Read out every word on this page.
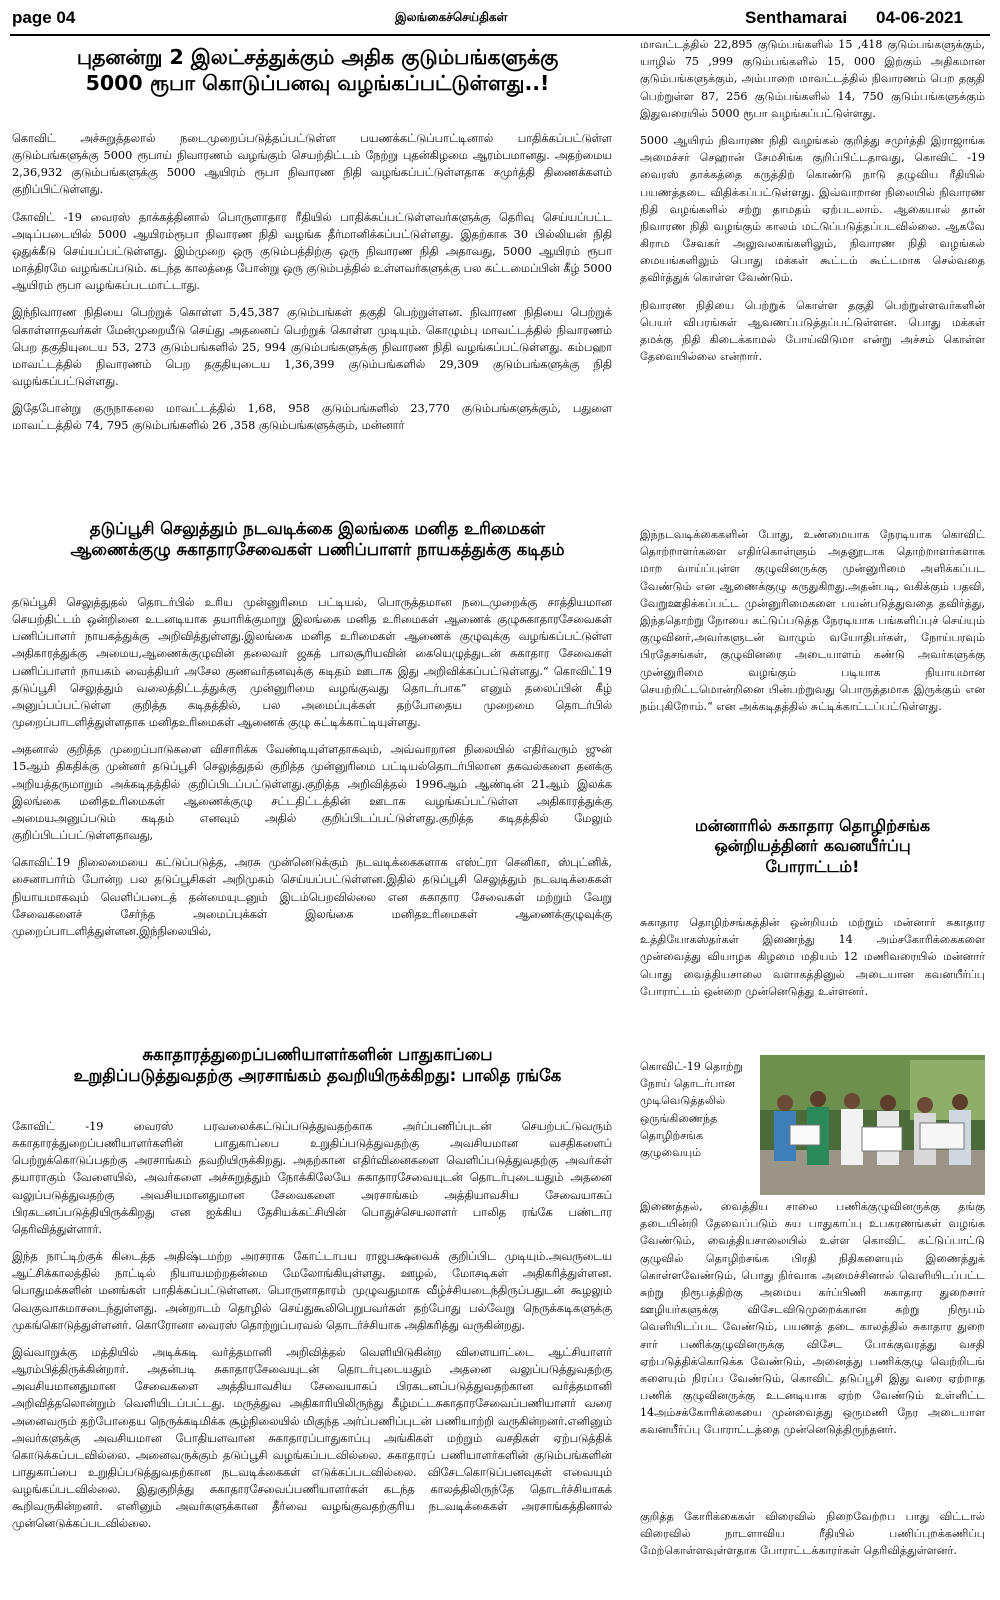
page 04	இலங்கைச்செய்திகள்	Senthamarai	04-06-2021
புதனன்று 2 இலட்சத்துக்கும் அதிக குடும்பங்களுக்கு
5000 ரூபா கொடுப்பனவு வழங்கப்பட்டுள்ளது..!

கொவிட் அச்சுறுத்தலால் நடைமுறைப்படுத்தப்பட்டுள்ள பயணக்கட்டுப்பாட்டினால் பாதிக்கப்பட்டுள்ள குடும்பங்களுக்கு 5000 ரூபாய் நிவாரணம் வழங்கும் செயற்திட்டம் நேற்று புதன்கிழமை ஆரம்பமானது. அதற்மைய 2,36,932 குடும்பங்களுக்கு 5000 ஆயிரம் ரூபா நிவாரண நிதி வழங்கப்பட்டுள்ளதாக சமுர்த்தி திணைக்களம் குறிப்பிட்டுள்ளது.

கோவிட் -19 வைரஸ் தாக்கத்தினால் பொருளாதார ரீதியில் பாதிக்கப்பட்டுள்ளவர்களுக்கு தெரிவு செய்யப்பட்ட அடிப்படையில் 5000 ஆயிரம்ரூபா நிவாரண நிதி வழங்க தீர்மானிக்கப்பட்டுள்ளது. இதற்காக 30 பில்லியன் நிதி ஒதுக்கீடு செய்யப்பட்டுள்ளது. இம்முறை ஒரு குடும்பத்திற்கு ஒரு நிவாரண நிதி அதாவது, 5000 ஆயிரம் ரூபா மாத்திரமே வழங்கப்படும். கடந்த காலத்தை போன்று ஒரு குடும்பத்தில் உள்ளவர்களுக்கு பல கட்டமைப்பின் கீழ் 5000 ஆயிரம் ரூபா வழங்கப்படமாட்டாது.

இந்நிவாரண நிதியை பெற்றுக் கொள்ள 5,45,387 குடும்பங்கள் தகுதி பெற்றுள்ளன. நிவாரண நிதியை பெற்றுக் கொள்ளாதவர்கள் மேன்முறையீடு செய்து அதனைப் பெற்றுக் கொள்ள முடியும். கொழும்பு மாவட்டத்தில் நிவாரணம் பெற தகுதியுடைய 53, 273 குடும்பங்களில் 25, 994 குடும்பங்களுக்கு நிவாரண நிதி வழங்கப்பட்டுள்ளது. கம்பஹா மாவட்டத்தில் நிவாரணம் பெற தகுதியுடைய 1,36,399 குடும்பங்களில் 29,309 குடும்பங்களுக்கு நிதி வழங்கப்பட்டுள்ளது.

இதேபோன்று குருநாகலை மாவட்டத்தில் 1,68, 958 குடும்பங்களில் 23,770 குடும்பங்களுக்கும், பதுளை மாவட்டத்தில் 74, 795 குடும்பங்களில் 26 ,358 குடும்பங்களுக்கும், மன்னார்

மாவட்டத்தில் 22,895 குடும்பங்களில் 15 ,418 குடும்பங்களுக்கும், யாழில் 75 ,999 குடும்பங்களில் 15, 000 இற்கும் அதிகமான குடும்பங்களுக்கும், அம்பாறை மாவட்டத்தில் நிவாரணம் பெற தகுதி பெற்றுள்ள 87, 256 குடும்பங்களில் 14, 750 குடும்பங்களுக்கும் இதுவரையில் 5000 ரூபா வழங்கப்பட்டுள்ளது.

5000 ஆயிரம் நிவாரண நிதி வழங்கல் குறித்து சமுர்த்தி இராஜாங்க அமைச்சர் செஹான் சேமசிங்க குறிப்பிட்டதாவது, கொவிட் -19 வைரஸ் தாக்கத்தை கருத்திற் கொண்டு நாடு தழுவிய ரீதியில் பயணத்தடை விதிக்கப்பட்டுள்ளது. இவ்வாறான நிலையில் நிவாரண நிதி வழங்களில் சற்று தாமதம் ஏற்படலாம். ஆகையால் தான் நிவாரண நிதி வழங்கும் காலம் மட்டுப்படுத்தப்படவில்லை. ஆகவே கிராம சேவகர் அலுவலகங்களிலும், நிவாரண நிதி வழங்கல் மையங்களிலும் பொது மக்கள் கூட்டம் கூட்டமாக செல்வதை தவிர்த்துக் கொள்ள வேண்டும்.

நிவாரண நிதியை பெற்றுக் கொள்ள தகுதி பெற்றுள்ளவர்களின் பெயர் விபரங்கள் ஆவணப்படுத்தப்பட்டுள்ளன. பொது மக்கள் தமக்கு நிதி கிடைக்காமல் போய்விடுமா என்று அச்சம் கொள்ள தேவையில்லை என்றார்.

தடுப்பூசி செலுத்தும் நடவடிக்கை இலங்கை மனித உரிமைகள்
ஆணைக்குழு சுகாதாரசேவைகள் பணிப்பாளர் நாயகத்துக்கு கடிதம்

தடுப்பூசி செலுத்துதல் தொடர்பில் உரிய முன்னுரிமை பட்டியல், பொருத்தமான நடைமுறைக்கு சாத்தியமான செயற்திட்டம் ஒன்றினை உடனடியாக தயாரிக்குமாறு இலங்கை மனித உரிமைகள் ஆணைக் குழுசுகாதாரசேவைகள் பணிப்பாளர் நாயகத்துக்கு அறிவித்துள்ளது.இலங்கை மனித உரிமைகள் ஆணைக் குழுவுக்கு வழங்கப்பட்டுள்ள அதிகாரத்துக்கு அமைய,ஆணைக்குழுவின் தலைவர் ஜகத் பாலசூரியவின் கையெழுத்துடன் சுகாதார சேவைகள் பணிப்பாளர் நாயகம் வைத்தியர் அசேல குணவர்தனவுக்கு கடிதம் ஊடாக இது அறிவிக்கப்பட்டுள்ளது.“ கொவிட்19 தடுப்பூசி செலுத்தும் வலைத்திட்டத்துக்கு முன்னுரிமை வழங்குவது தொடர்பாக” எனும் தலைப்பின் கீழ் அனுப்பப்பட்டுள்ள குறித்த கடிதத்தில், பல அமைப்புக்கள் தற்போதைய முறைமை தொடர்பில் முறைப்பாடளித்துள்ளதாக மனிதஉரிமைகள் ஆணைக் குழு சுட்டிக்காட்டியுள்ளது.

அதனால் குறித்த முறைப்பாடுகளை விசாரிக்க வேண்டியுள்ளதாகவும், அவ்வாறான நிலையில் எதிர்வரும் ஜுன் 15ஆம் திகதிக்கு முன்னர் தடுப்பூசி செலுத்துதல் குறித்த முன்னுரிமை பட்டியல்தொடர்பிலான தகவல்களை தனக்கு அறியத்தருமாறும் அக்கடிதத்தில் குறிப்பிடப்பட்டுள்ளது.குறித்த அறிவித்தல் 1996ஆம் ஆண்டின் 21ஆம் இலக்க இலங்கை மனிதஉரிமைகள் ஆணைக்குழு சட்டதிட்டத்தின் ஊடாக வழங்கப்பட்டுள்ள அதிகாரத்துக்கு அமையஅனுப்படும் கடிதம் எனவும் அதில் குறிப்பிடப்பட்டுள்ளது.குறித்த கடிதத்தில் மேலும் குறிப்பிடப்பட்டுள்ளதாவது,

கொவிட்19 நிலைமையை கட்டுப்படுத்த, அரசு முன்னெடுக்கும் நடவடிக்கைகளாக எஸ்ட்ரா செனிகா, ஸ்புட்னிக், சைனாபார்ம் போன்ற பல தடுப்பூசிகள் அறிமுகம் செய்யப்பட்டுள்ளன.இதில் தடுப்பூசி செலுத்தும் நடவடிக்கைகள் நியாயமாகவும் வெளிப்படைத் தன்மையுடனும் இடம்பெறவில்லை என சுகாதார சேவைகள் மற்றும் வேறு சேவைகளைச் சேர்ந்த அமைப்புக்கள் இலங்கை மனிதஉரிமைகள் ஆணைக்குழுவுக்கு முறைப்பாடளித்துள்ளன.இந்நிலையில்,

இந்நடவடிக்கைகளின் போது, உண்மையாக நேரடியாக கொவிட் தொற்றாளர்களை எதிர்கொள்ளும் அதனூடாக தொற்றாளர்களாக மாற வாய்ப்புள்ள குழுவினருக்கு முன்னுரிமை அளிக்கப்பட வேண்டும் என ஆணைக்குழு கருதுகிறது.அதன்படி, வகிக்கும் பதவி, வேறுஊதிக்கப்பட்ட முன்னுரிமைகளை பயன்படுத்துவதை தவிர்த்து, இந்ததொற்று நோயை கட்டுப்படுத்த நேரடியாக பங்களிப்புச் செய்யும் குழுவினர்,அவர்களுடன் வாழும் வயோதிபர்கள், நோய்பரவும் பிரதேசங்கள், குழுவினரை அடையாளம் கண்டு அவர்களுக்கு முன்னுரிமை வழங்கும் படியாக நியாயமான செயற்றிட்டமொன்றினை பின்பற்றுவது பொருத்தமாக இருக்கும் என நம்புகிறோம்.“ என அக்கடிதத்தில் சுட்டிக்காட்டப்பட்டுள்ளது.

மன்னாரில் சுகாதார தொழிற்சங்க
ஒன்றியத்தினர் கவனயீர்ப்பு
போராட்டம்!

சுகாதார தொழிற்சங்கத்தின் ஒன்றியம் மற்றும் மன்னார் சுகாதார உத்தியோகஸ்தர்கள் இணைந்து 14 அம்சகோரிக்கைகளை முன்வைத்து வியாழக கிழமை மதியம் 12 மணிவரையில் மன்னார் பொது வைத்தியசாலை வளாகத்தினுல் அடையான கவனயீர்ப்பு போராட்டம் ஒன்றை முன்னெடுத்து உள்ளனர்.

கொவிட்-19 தொற்று நோய் தொடர்பான முடிவெடுத்தலில் ஒருங்கிணைந்த தொழிற்சங்க குழுவையும்

இணைத்தல், வைத்திய சாலை பணிக்குழுவினருக்கு தங்கு தடையின்றி தேவைப்படும் சுய பாதுகாப்பு உபகரணங்கள் வழங்க வேண்டும், வைத்தியசாலையில் உள்ள கொவிட் கட்டுப்பாட்டு குழுவில் தொழிற்சங்க பிரதி நிதிகளையும் இணைத்துக் கொள்ளவேண்டும், பொது நிர்வாக அமைச்சினால் வெளியிடப்பட்ட சுற்று நிரூபத்திற்கு அமைய கர்ப்பிணி சுகாதார துறைசார் ஊழியர்களுக்கு விசேடவிடுமுறைக்கான சுற்று நிரூபம் வெளியிடப்பட வேண்டும், பயணத் தடை காலத்தில் சுகாதார துறை சார் பணிக்குழுவினருக்கு விசேட போக்குவரத்து வசதி ஏற்படுத்திக்கொடுக்க வேண்டும், அனைத்து பணிக்குழு வெற்றிடங் களையும் நிரப்ப வேண்டும், கொவிட் தடுப்பூசி இது வரை ஏற்றாத பணிக் குழுவினருக்கு உடனடியாக ஏற்ற வேண்டும் உள்ளிட்ட 14அம்சக்கோரிக்கையை முன்வைத்து ஒருமணி நேர அடையாள கவனயீர்ப்பு போராட்டத்தை முன்னெடுத்திருந்தனர்.

குறித்த கோரிக்கைகள் விரைவில் நிறைவேற்றப பாது விட்டால் விரைவில் நாடளாவிய ரீதியில் பணிப்புறக்கணிப்பு மேற்கொள்ளவுள்ளதாக போராட்டக்காரர்கள் தெரிவித்துள்ளனர்.

சுகாதாரத்துறைப்பணியாளர்களின் பாதுகாப்பை
உறுதிப்படுத்துவதற்கு அரசாங்கம் தவறியிருக்கிறது: பாலித ரங்கே

கோவிட் -19 வைரஸ் பரவலைக்கட்டுப்படுத்துவதற்காக அர்ப்பணிப்புடன் செயற்பட்டுவரும் சுகாதாரத்துறைப்பணியாளர்களின் பாதுகாப்பை உறுதிப்படுத்துவதற்கு அவசியமான வசதிகளைப் பெற்றுக்கொடுப்பதற்கு அரசாங்கம் தவறியிருக்கிறது. அதற்கான எதிர்வினைகளை வெளிப்படுத்துவதற்கு அவர்கள் தயாராகும் வேளையில், அவர்களை அச்சுறுத்தும் நோக்கிலேயே சுகாதாரசேவையுடன் தொடர்புடையதும் அதனை வலுப்படுத்துவதற்கு அவசியமானதுமான சேவைகளை அரசாங்கம் அத்தியாவசிய சேவையாகப் பிரகடனப்படுத்தியிருக்கிறது என ஐக்கிய தேசியக்கட்சியின் பொதுச்செயலாளர் பாலித ரங்கே பண்டார தெரிவித்துள்ளார்.

இந்த நாட்டிற்குக் கிடைத்த அதிஷ்டமற்ற அரசராக கோட்டாபய ராஜபக்ஷவைக் குறிப்பிட முடியும்.அவருடைய ஆட்சிக்காலத்தில் நாட்டில் நியாயமற்றதன்மை மேலோங்கியுள்ளது. ஊழல், மோசடிகள் அதிகரித்துள்ளன. பொதுமக்களின் மனங்கள் பாதிக்கப்பட்டுள்ளன. பொருளாதாரம் முழுவதுமாக வீழ்ச்சியடைந்திருப்பதுடன் கூழலும் வெகுவாகமாசடைந்துள்ளது. அன்றாடம் தொழில் செய்துகூலிபெறுபவர்கள் தற்போது பல்வேறு நெருக்கடிகளுக்கு முகங்கொடுத்துள்ளனர். கொரோனா வைரஸ் தொற்றுப்பரவல் தொடர்ச்சியாக அதிகரித்து வருகின்றது.

இவ்வாறுக்கு மத்தியில் அடிக்கடி வர்த்தமானி அறிவித்தல் வெளியிடுகின்ற விளையாட்டை ஆட்சியாளர் ஆரம்பித்திருக்கின்றார். அதன்படி சுகாதாரசேவையுடன் தொடர்புடையதும் அதனை வலுப்படுத்துவதற்கு அவசியமானதுமான சேவைகளை அத்தியாவசிய சேவையாகப் பிரகடனப்படுத்துவதற்கான வர்த்தமானி அறிவித்தலொன்றும் வெளியிடப்பட்டது. மருத்துவ அதிகாரியிலிருந்து கீழ்மட்டசுகாதாரசேவைப்பணியாளர் வரை அனைவரும் தற்போதைய நெருக்கடிமிக்க சூழ்நிலையில் மிகுந்த அர்ப்பணிப்புடன் பணியாற்றி வருகின்றனர்.எனினும் அவர்களுக்கு அவசியமான போதியளவான சுகாதாரப்பாதுகாப்பு அங்கிகள் மற்றும் வசதிகள் ஏற்படுத்திக் கொடுக்கப்படவில்லை. அனைவருக்கும் தடுப்பூசி வழங்கப்படவில்லை. சுகாதாரப் பணியாளர்களின் குடும்பங்களின் பாதுகாப்பை உறுதிப்படுத்துவதற்கான நடவடிக்கைகள் எடுக்கப்படவில்லை. விசேடகொடுப்பனவுகள் எவையும் வழங்கப்படவில்லை. இதுகுறித்து சுகாதாரசேவைப்பணியாளர்கள் கடந்த காலத்திலிருந்தே தொடர்ச்சியாகக் கூறிவருகின்றனர். எனினும் அவர்களுக்கான தீர்வை வழங்குவதற்குரிய நடவடிக்கைகள் அரசாங்கத்தினால் முன்னெடுக்கப்படவில்லை.
